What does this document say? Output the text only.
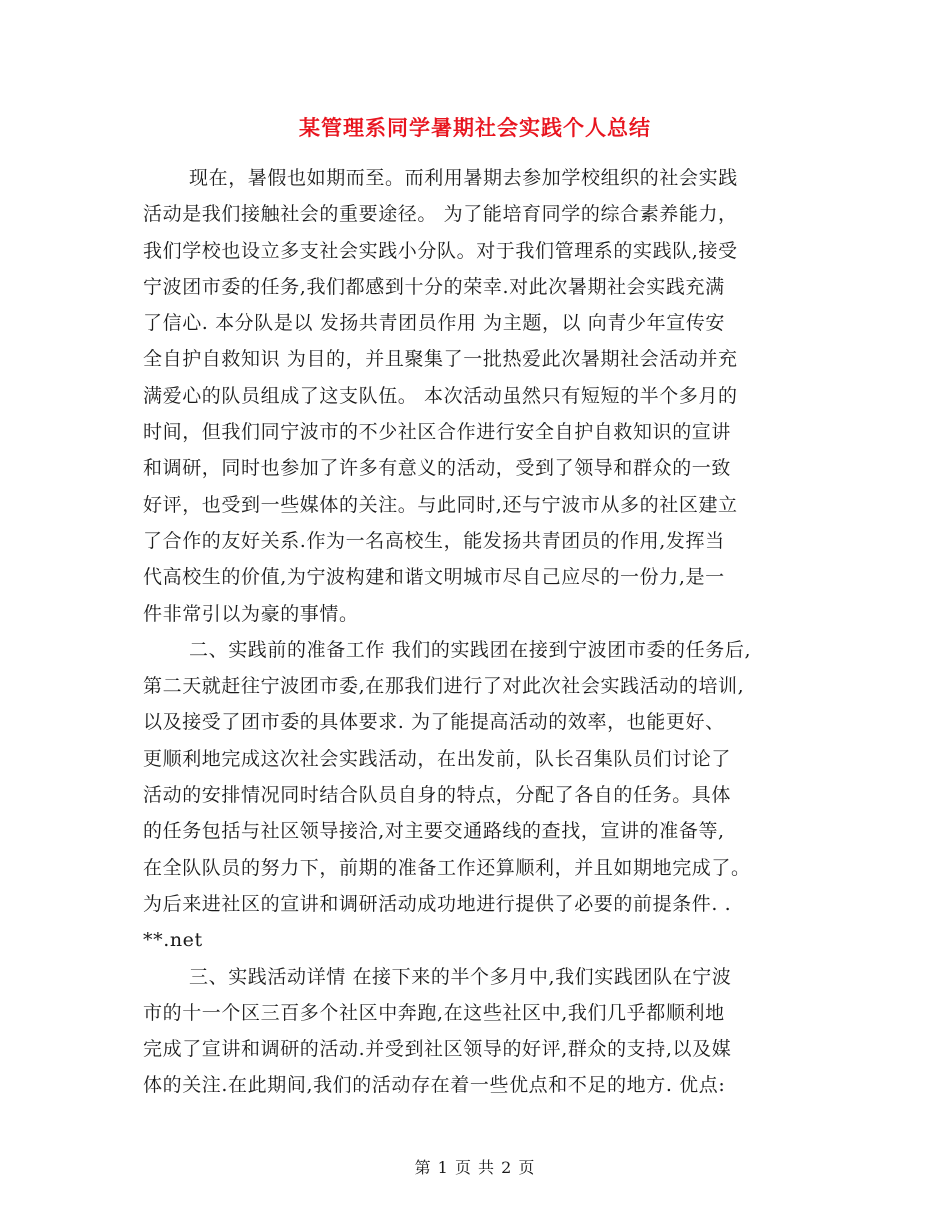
某管理系同学暑期社会实践个人总结
现在，暑假也如期而至。而利用暑期去参加学校组织的社会实践
活动是我们接触社会的重要途径。 为了能培育同学的综合素养能力，
我们学校也设立多支社会实践小分队。对于我们管理系的实践队,接受
宁波团市委的任务,我们都感到十分的荣幸.对此次暑期社会实践充满
了信心. 本分队是以 发扬共青团员作用 为主题，以 向青少年宣传安
全自护自救知识 为目的，并且聚集了一批热爱此次暑期社会活动并充
满爱心的队员组成了这支队伍。 本次活动虽然只有短短的半个多月的
时间，但我们同宁波市的不少社区合作进行安全自护自救知识的宣讲
和调研，同时也参加了许多有意义的活动，受到了领导和群众的一致
好评，也受到一些媒体的关注。与此同时,还与宁波市从多的社区建立
了合作的友好关系.作为一名高校生，能发扬共青团员的作用,发挥当
代高校生的价值,为宁波构建和谐文明城市尽自己应尽的一份力,是一
件非常引以为豪的事情。
二、实践前的准备工作 我们的实践团在接到宁波团市委的任务后,
第二天就赶往宁波团市委,在那我们进行了对此次社会实践活动的培训,
以及接受了团市委的具体要求. 为了能提高活动的效率，也能更好、
更顺利地完成这次社会实践活动，在出发前，队长召集队员们讨论了
活动的安排情况同时结合队员自身的特点，分配了各自的任务。具体
的任务包括与社区领导接洽,对主要交通路线的查找，宣讲的准备等,
在全队队员的努力下，前期的准备工作还算顺利，并且如期地完成了。
为后来进社区的宣讲和调研活动成功地进行提供了必要的前提条件. .
**.net
三、实践活动详情 在接下来的半个多月中,我们实践团队在宁波
市的十一个区三百多个社区中奔跑,在这些社区中,我们几乎都顺利地
完成了宣讲和调研的活动.并受到社区领导的好评,群众的支持,以及媒
体的关注.在此期间,我们的活动存在着一些优点和不足的地方. 优点:
第 1 页 共 2 页
